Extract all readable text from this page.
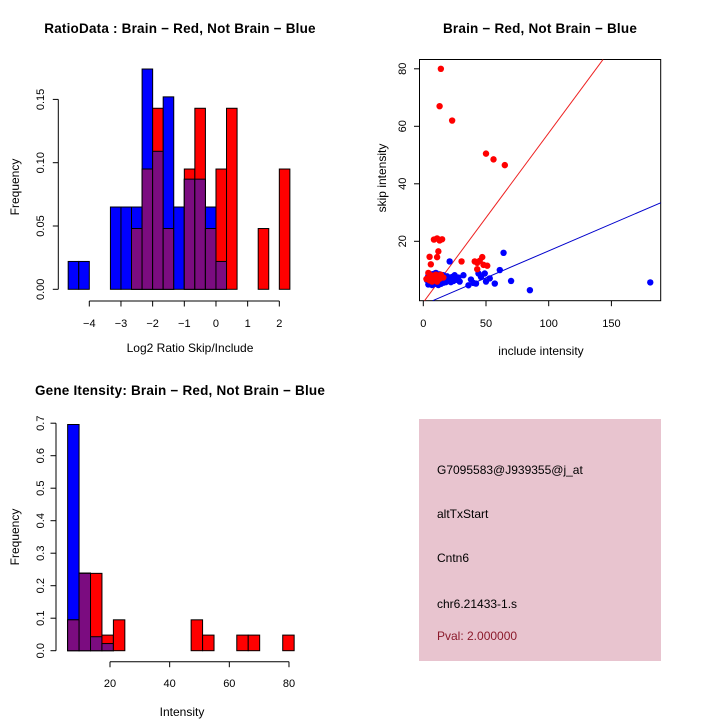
0.00
0.05
0.10
0.15
−4 −3 −2 −1 0 1 2
Log2 Ratio Skip/Include
Frequency
0.0
0.1
0.2
0.3
0.4
0.5
0.6
0.7
20	40	60	80
Intensity
Frequency
0	50	100	150
20
40
60
80
include intensity
skip intensity
RatioData : Brain − Red, Not Brain − Blue	Brain − Red, Not Brain − Blue
Gene Itensity: Brain − Red, Not Brain − Blue

G7095583@J939355@j_at

altTxStart

Cntn6

chr6.21433-1.s

Pval: 2.000000
